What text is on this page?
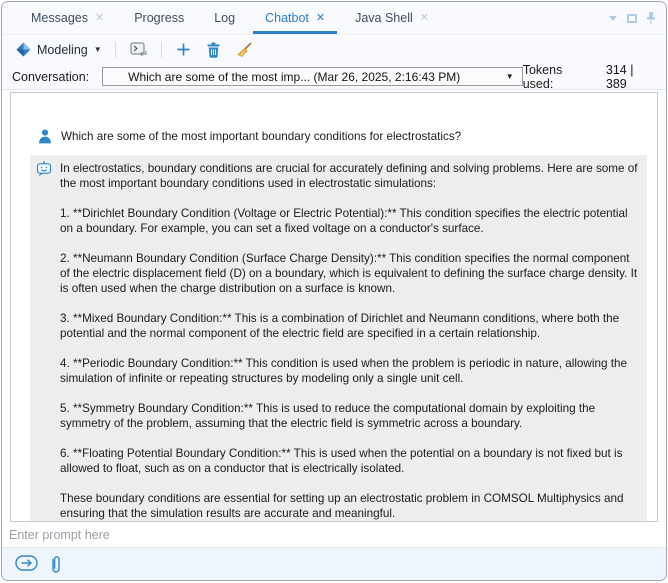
Messages ✕ Progress Log Chatbot ✕ Java Shell ✕
Modeling ▼
Conversation:	Which are some of the most imp... (Mar 26, 2025, 2:16:43 PM)	▼ Tokens used:
314 | 389
Which are some of the most important boundary conditions for electrostatics?

In electrostatics, boundary conditions are crucial for accurately defining and solving problems. Here are some of the most important boundary conditions used in electrostatic simulations:

1. **Dirichlet Boundary Condition (Voltage or Electric Potential):** This condition specifies the electric potential on a boundary. For example, you can set a fixed voltage on a conductor's surface.

2. **Neumann Boundary Condition (Surface Charge Density):** This condition specifies the normal component of the electric displacement field (D) on a boundary, which is equivalent to defining the surface charge density. It is often used when the charge distribution on a surface is known.

3. **Mixed Boundary Condition:** This is a combination of Dirichlet and Neumann conditions, where both the potential and the normal component of the electric field are specified in a certain relationship.

4. **Periodic Boundary Condition:** This condition is used when the problem is periodic in nature, allowing the simulation of infinite or repeating structures by modeling only a single unit cell.

5. **Symmetry Boundary Condition:** This is used to reduce the computational domain by exploiting the symmetry of the problem, assuming that the electric field is symmetric across a boundary.

6. **Floating Potential Boundary Condition:** This is used when the potential on a boundary is not fixed but is allowed to float, such as on a conductor that is electrically isolated.

These boundary conditions are essential for setting up an electrostatic problem in COMSOL Multiphysics and ensuring that the simulation results are accurate and meaningful.

Enter prompt here
